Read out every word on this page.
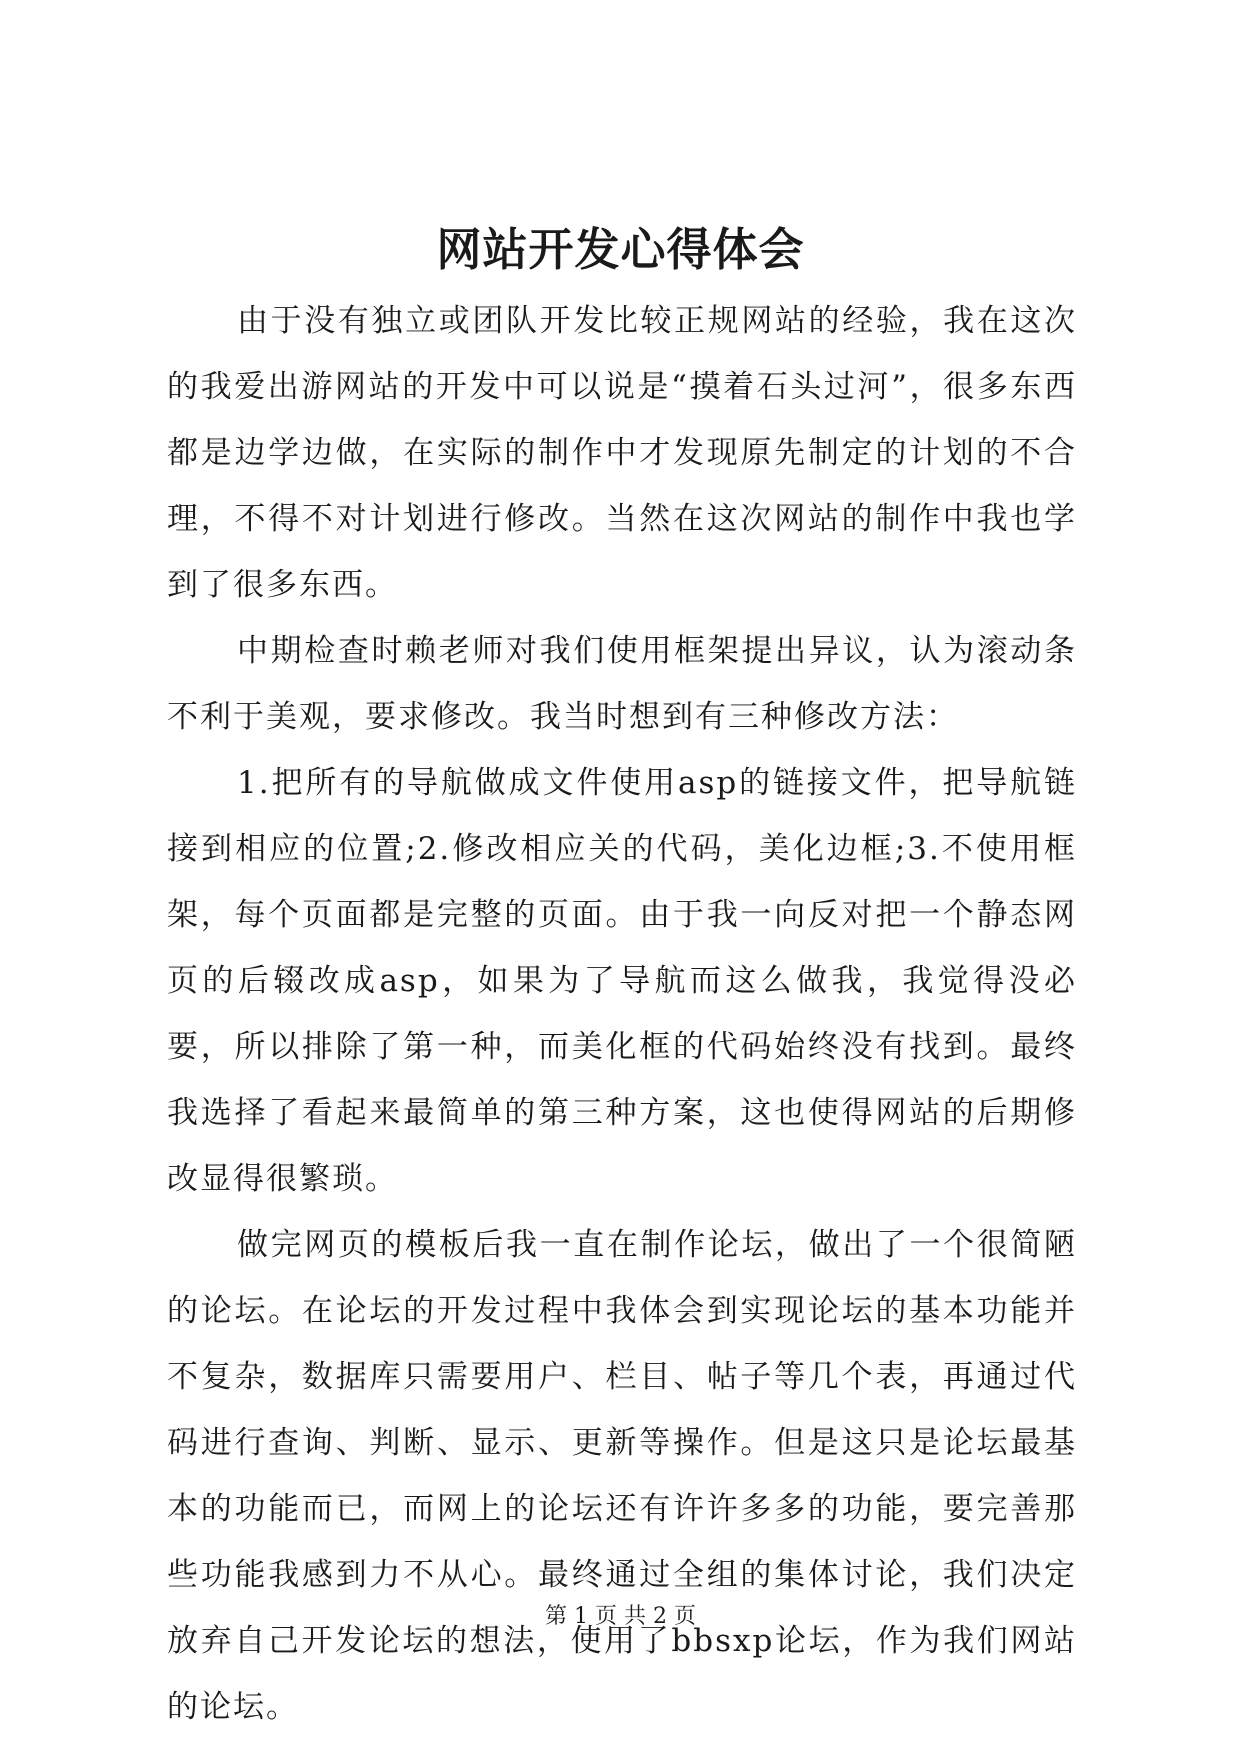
网站开发心得体会

由于没有独立或团队开发比较正规网站的经验，我在这次的我爱出游网站的开发中可以说是“摸着石头过河”，很多东西都是边学边做，在实际的制作中才发现原先制定的计划的不合理，不得不对计划进行修改。当然在这次网站的制作中我也学到了很多东西。

中期检查时赖老师对我们使用框架提出异议，认为滚动条不利于美观，要求修改。我当时想到有三种修改方法：

1.把所有的导航做成文件使用asp的链接文件，把导航链接到相应的位置;2.修改相应关的代码，美化边框;3.不使用框架，每个页面都是完整的页面。由于我一向反对把一个静态网页的后辍改成asp，如果为了导航而这么做我，我觉得没必要，所以排除了第一种，而美化框的代码始终没有找到。最终我选择了看起来最简单的第三种方案，这也使得网站的后期修改显得很繁琐。

做完网页的模板后我一直在制作论坛，做出了一个很简陋的论坛。在论坛的开发过程中我体会到实现论坛的基本功能并不复杂，数据库只需要用户、栏目、帖子等几个表，再通过代码进行查询、判断、显示、更新等操作。但是这只是论坛最基本的功能而已，而网上的论坛还有许许多多的功能，要完善那些功能我感到力不从心。最终通过全组的集体讨论，我们决定放弃自己开发论坛的想法，使用了bbsxp论坛，作为我们网站的论坛。

第 1 页 共 2 页
